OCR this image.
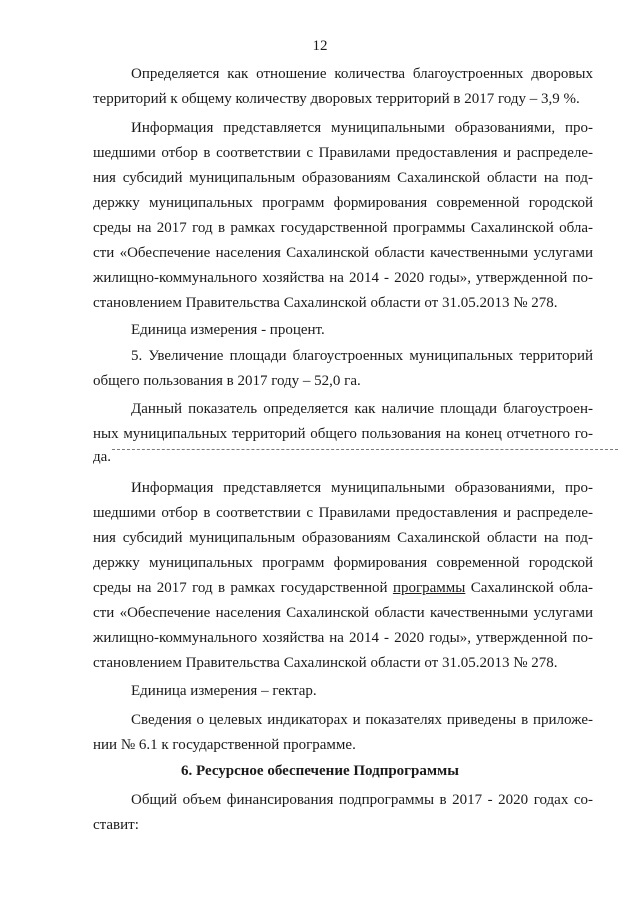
12
Определяется как отношение количества благоустроенных дворовых
территорий к общему количеству дворовых территорий в 2017 году – 3,9 %.
Информация представляется муниципальными образованиями, про-
шедшими отбор в соответствии с Правилами предоставления и распределе-
ния субсидий муниципальным образованиям Сахалинской области на под-
держку муниципальных программ формирования современной городской
среды на 2017 год в рамках государственной программы Сахалинской обла-
сти «Обеспечение населения Сахалинской области качественными услугами
жилищно-коммунального хозяйства на 2014 - 2020 годы», утвержденной по-
становлением Правительства Сахалинской области от 31.05.2013 № 278.
Единица измерения - процент.
5. Увеличение площади благоустроенных муниципальных территорий
общего пользования в 2017 году – 52,0 га.
Данный показатель определяется как наличие площади благоустроен-
ных муниципальных территорий общего пользования на конец отчетного го-
да.
Информация представляется муниципальными образованиями, про-
шедшими отбор в соответствии с Правилами предоставления и распределе-
ния субсидий муниципальным образованиям Сахалинской области на под-
держку муниципальных программ формирования современной городской
среды на 2017 год в рамках государственной программы Сахалинской обла-
сти «Обеспечение населения Сахалинской области качественными услугами
жилищно-коммунального хозяйства на 2014 - 2020 годы», утвержденной по-
становлением Правительства Сахалинской области от 31.05.2013 № 278.
Единица измерения – гектар.
Сведения о целевых индикаторах и показателях приведены в приложе-
нии № 6.1 к государственной программе.
6. Ресурсное обеспечение Подпрограммы
Общий объем финансирования подпрограммы в 2017 - 2020 годах со-
ставит:
